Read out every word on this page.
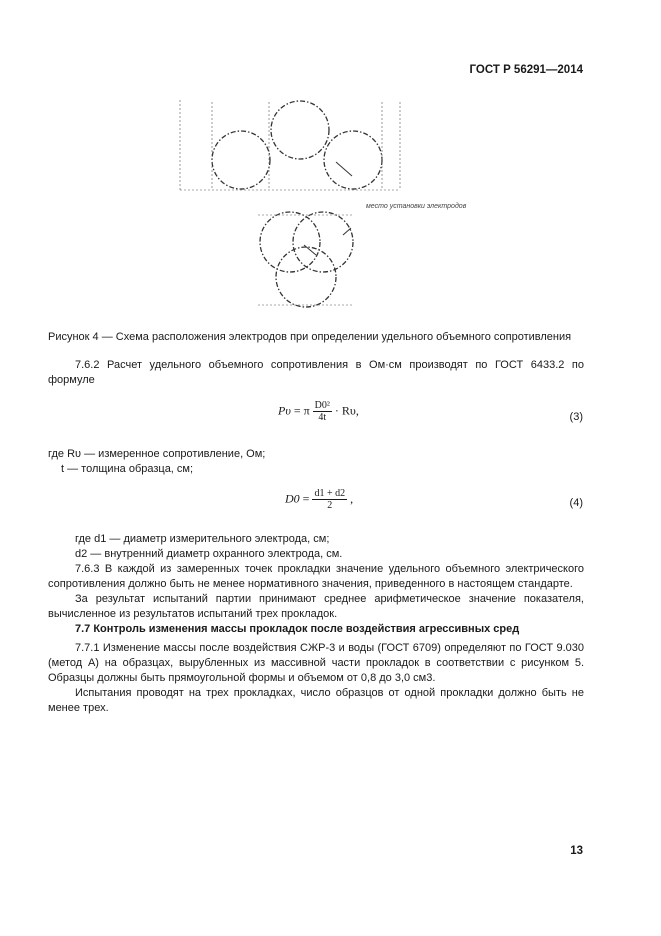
ГОСТ Р 56291—2014
место установки электродов
Рисунок 4 — Схема расположения электродов при определении удельного объемного сопротивления
7.6.2 Расчет удельного объемного сопротивления в Ом·см производят по ГОСТ 6433.2 по формуле
Pυ = π $\frac{\text{D0²}}{4t} \cdot R\upsilon$,	(3)
где Rυ — измеренное сопротивление, Ом;
t — толщина образца, см;
$D0 = \frac{d1 + d2}{2}$ ,	(4)
где d1 — диаметр измерительного электрода, см;
d2 — внутренний диаметр охранного электрода, см.
7.6.3 В каждой из замеренных точек прокладки значение удельного объемного электрического сопротивления должно быть не менее нормативного значения, приведенного в настоящем стандарте.
За результат испытаний партии принимают среднее арифметическое значение показателя, вычисленное из результатов испытаний трех прокладок.
7.7 Контроль изменения массы прокладок после воздействия агрессивных сред
7.7.1 Изменение массы после воздействия СЖР-3 и воды (ГОСТ 6709) определяют по ГОСТ 9.030 (метод А) на образцах, вырубленных из массивной части прокладок в соответствии с рисунком 5. Образцы должны быть прямоугольной формы и объемом от 0,8 до 3,0 см3.
Испытания проводят на трех прокладках, число образцов от одной прокладки должно быть не менее трех.
13
